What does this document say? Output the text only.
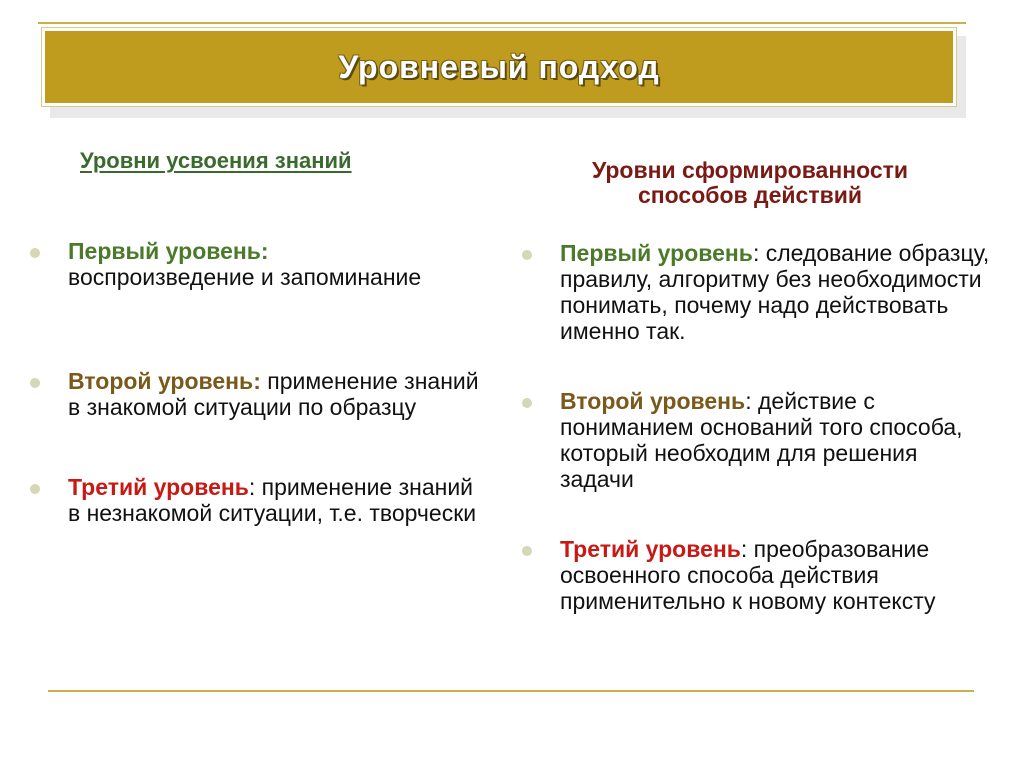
Уровневый подход
Уровни усвоения знаний	Уровни сформированности способов действий
Первый уровень:
воспроизведение и запоминание
Второй уровень: применение знаний в знакомой ситуации по образцу
Третий уровень: применение знаний в незнакомой ситуации, т.е. творчески
Первый уровень: следование образцу, правилу, алгоритму без необходимости понимать, почему надо действовать именно так.
Второй уровень: действие с пониманием оснований того способа, который необходим для решения задачи
Третий уровень: преобразование освоенного способа действия применительно к новому контексту
